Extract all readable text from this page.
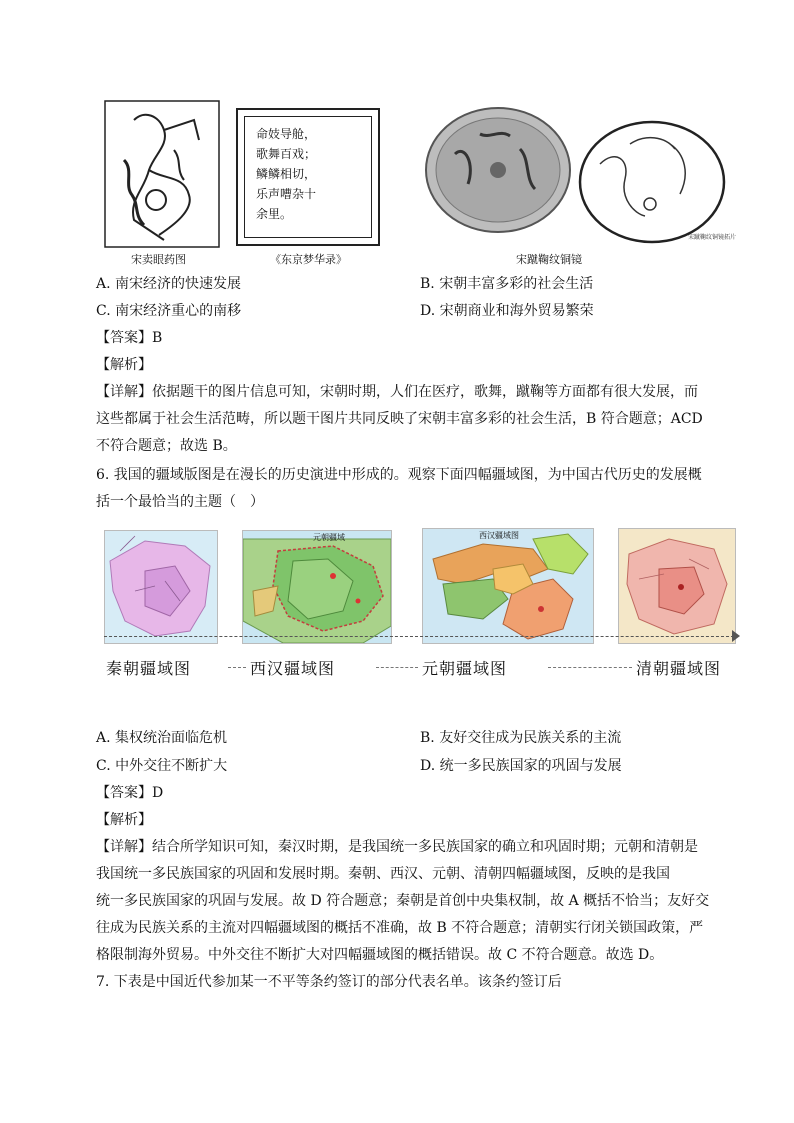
命妓导舱，
歌舞百戏；
鳞鳞相切，
乐声嘈杂十
余里。
宋蹴鞠纹铜镜拓片
宋卖眼药图	《东京梦华录》	宋蹴鞠纹铜镜
A. 南宋经济的快速发展	B. 宋朝丰富多彩的社会生活
C. 南宋经济重心的南移	D. 宋朝商业和海外贸易繁荣
【答案】B
【解析】
【详解】依据题干的图片信息可知，宋朝时期，人们在医疗，歌舞，蹴鞠等方面都有很大发展，而
这些都属于社会生活范畴，所以题干图片共同反映了宋朝丰富多彩的社会生活，B 符合题意；ACD
不符合题意；故选 B。
6. 我国的疆域版图是在漫长的历史演进中形成的。观察下面四幅疆域图，为中国古代历史的发展概
括一个最恰当的主题（　）
元朝疆域	西汉疆域图
秦朝疆域图	西汉疆域图	元朝疆域图	清朝疆域图
A. 集权统治面临危机	B. 友好交往成为民族关系的主流
C. 中外交往不断扩大	D. 统一多民族国家的巩固与发展
【答案】D
【解析】
【详解】结合所学知识可知，秦汉时期，是我国统一多民族国家的确立和巩固时期；元朝和清朝是
我国统一多民族国家的巩固和发展时期。秦朝、西汉、元朝、清朝四幅疆域图，反映的是我国
统一多民族国家的巩固与发展。故 D 符合题意；秦朝是首创中央集权制，故 A 概括不恰当；友好交
往成为民族关系的主流对四幅疆域图的概括不准确，故 B 不符合题意；清朝实行闭关锁国政策，严
格限制海外贸易。中外交往不断扩大对四幅疆域图的概括错误。故 C 不符合题意。故选 D。
7. 下表是中国近代参加某一不平等条约签订的部分代表名单。该条约签订后
